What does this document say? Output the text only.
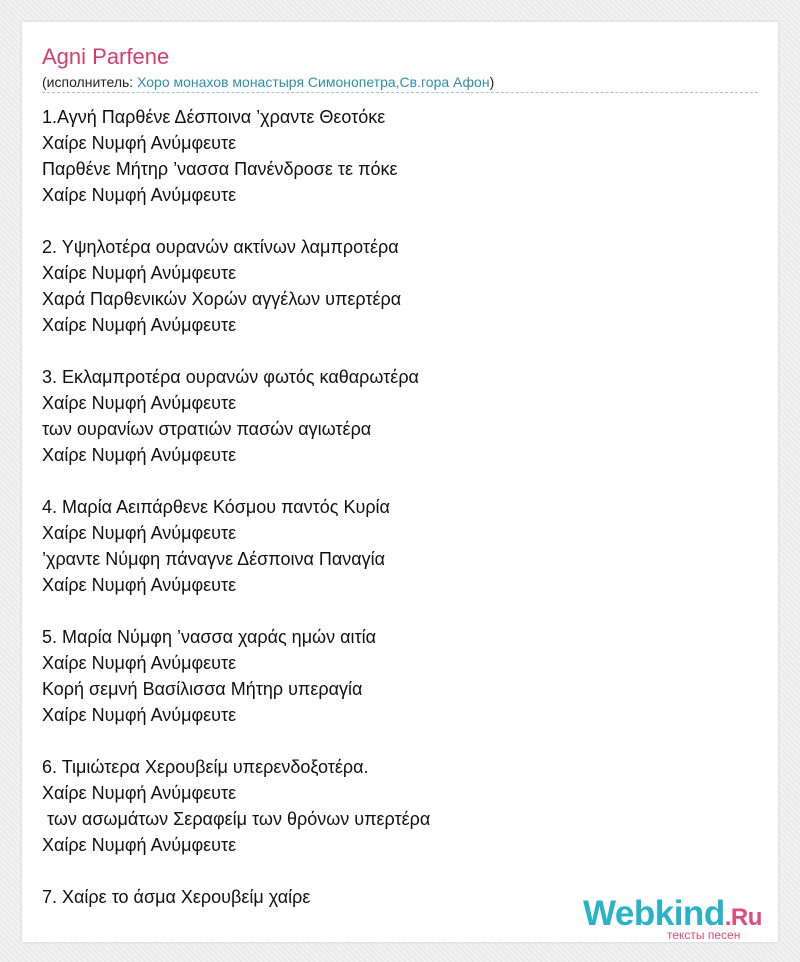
Agni Parfene
(исполнитель: Хоро монахов монастыря Симонопетра,Св.гора Афон)
1.Αγνή Παρθένε Δέσποινα ’χραντε Θεοτόκε
Χαίρε Νυμφή Ανύμφευτε
Παρθένε Μήτηρ ’νασσα Πανένδροσε τε πόκε
Χαίρε Νυμφή Ανύμφευτε
2. Υψηλοτέρα ουρανών ακτίνων λαμπροτέρα
Χαίρε Νυμφή Ανύμφευτε
Χαρά Παρθενικών Χορών αγγέλων υπερτέρα
Χαίρε Νυμφή Ανύμφευτε
3. Εκλαμπροτέρα ουρανών φωτός καθαρωτέρα
Χαίρε Νυμφή Ανύμφευτε
των ουρανίων στρατιών πασών αγιωτέρα
Χαίρε Νυμφή Ανύμφευτε
4. Μαρία Αειπάρθενε Κόσμου παντός Κυρία
Χαίρε Νυμφή Ανύμφευτε
’χραντε Νύμφη πάναγνε Δέσποινα Παναγία
Χαίρε Νυμφή Ανύμφευτε
5. Μαρία Νύμφη ’νασσα χαράς ημών αιτία
Χαίρε Νυμφή Ανύμφευτε
Κορή σεμνή Βασίλισσα Μήτηρ υπεραγία
Χαίρε Νυμφή Ανύμφευτε
6. Τιμιώτερα Χερουβείμ υπερενδοξοτέρα.
Χαίρε Νυμφή Ανύμφευτε
των ασωμάτων Σεραφείμ των θρόνων υπερτέρα
Χαίρε Νυμφή Ανύμφευτε
7. Χαίρε το άσμα Χερουβείμ χαίρε	Webkind.Ru
тексты песен
